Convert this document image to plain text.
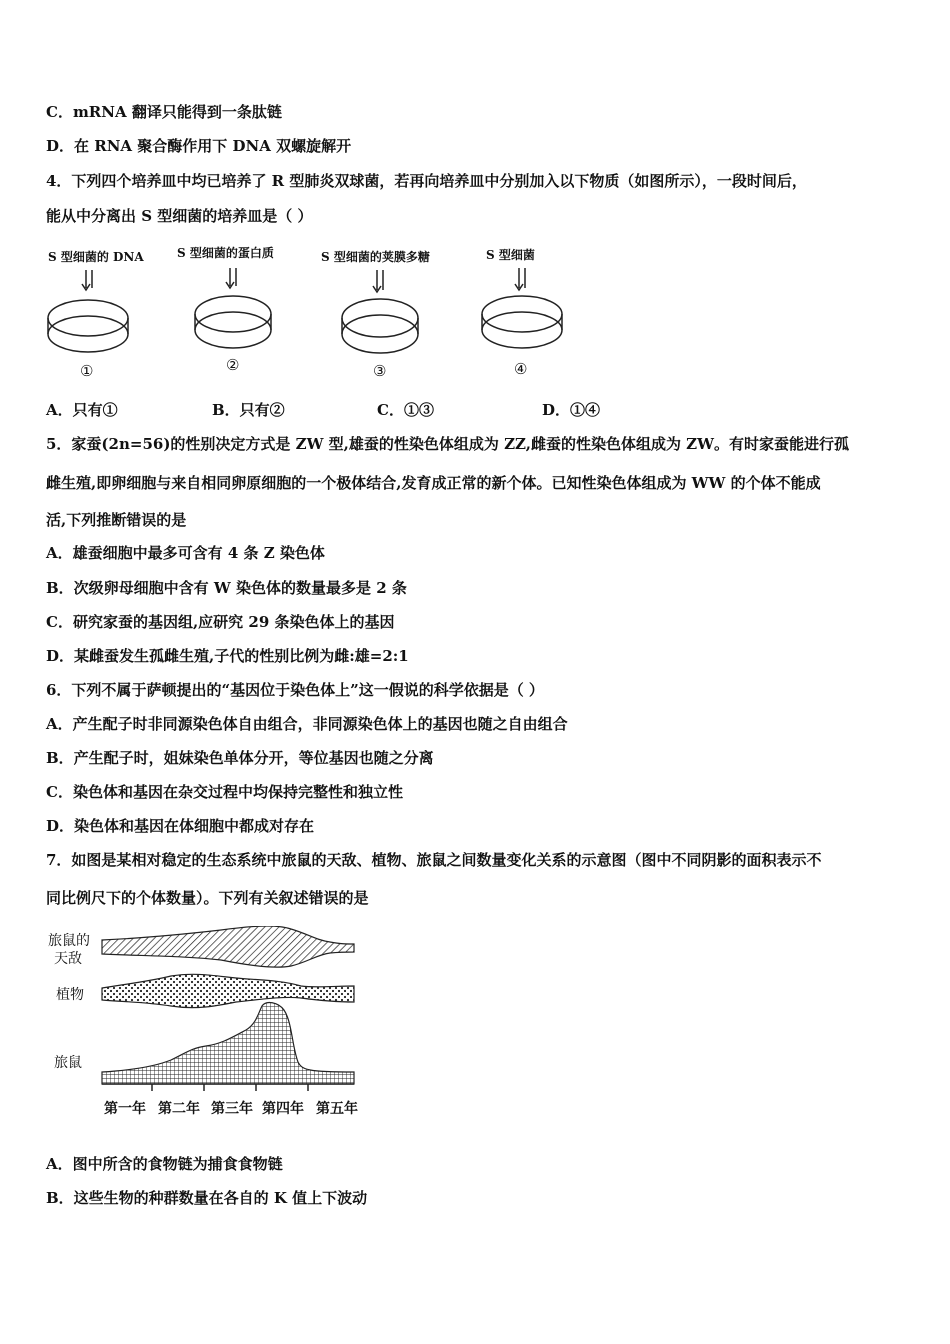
C．mRNA 翻译只能得到一条肽链
D．在 RNA 聚合酶作用下 DNA 双螺旋解开
4．下列四个培养皿中均已培养了 R 型肺炎双球菌，若再向培养皿中分别加入以下物质（如图所示），一段时间后，
能从中分离出 S 型细菌的培养皿是（ ）
S 型细菌的 DNA	S 型细菌的蛋白质	S 型细菌的荚膜多糖	S 型细菌
①	②	③	④
A．只有①	B．只有②	C．①③	D．①④
5．家蚕(2n=56)的性别决定方式是 ZW 型,雄蚕的性染色体组成为 ZZ,雌蚕的性染色体组成为 ZW。有时家蚕能进行孤
雌生殖,即卵细胞与来自相同卵原细胞的一个极体结合,发育成正常的新个体。已知性染色体组成为 WW 的个体不能成
活,下列推断错误的是
A．雄蚕细胞中最多可含有 4 条 Z 染色体
B．次级卵母细胞中含有 W 染色体的数量最多是 2 条
C．研究家蚕的基因组,应研究 29 条染色体上的基因
D．某雌蚕发生孤雌生殖,子代的性别比例为雌:雄=2:1
6．下列不属于萨顿提出的“基因位于染色体上”这一假说的科学依据是（ ）
A．产生配子时非同源染色体自由组合，非同源染色体上的基因也随之自由组合
B．产生配子时，姐妹染色单体分开，等位基因也随之分离
C．染色体和基因在杂交过程中均保持完整性和独立性
D．染色体和基因在体细胞中都成对存在
7．如图是某相对稳定的生态系统中旅鼠的天敌、植物、旅鼠之间数量变化关系的示意图（图中不同阴影的面积表示不
同比例尺下的个体数量）。下列有关叙述错误的是
旅鼠的
天敌
植物
旅鼠
第一年 第二年 第三年 第四年 第五年
A．图中所含的食物链为捕食食物链
B．这些生物的种群数量在各自的 K 值上下波动
